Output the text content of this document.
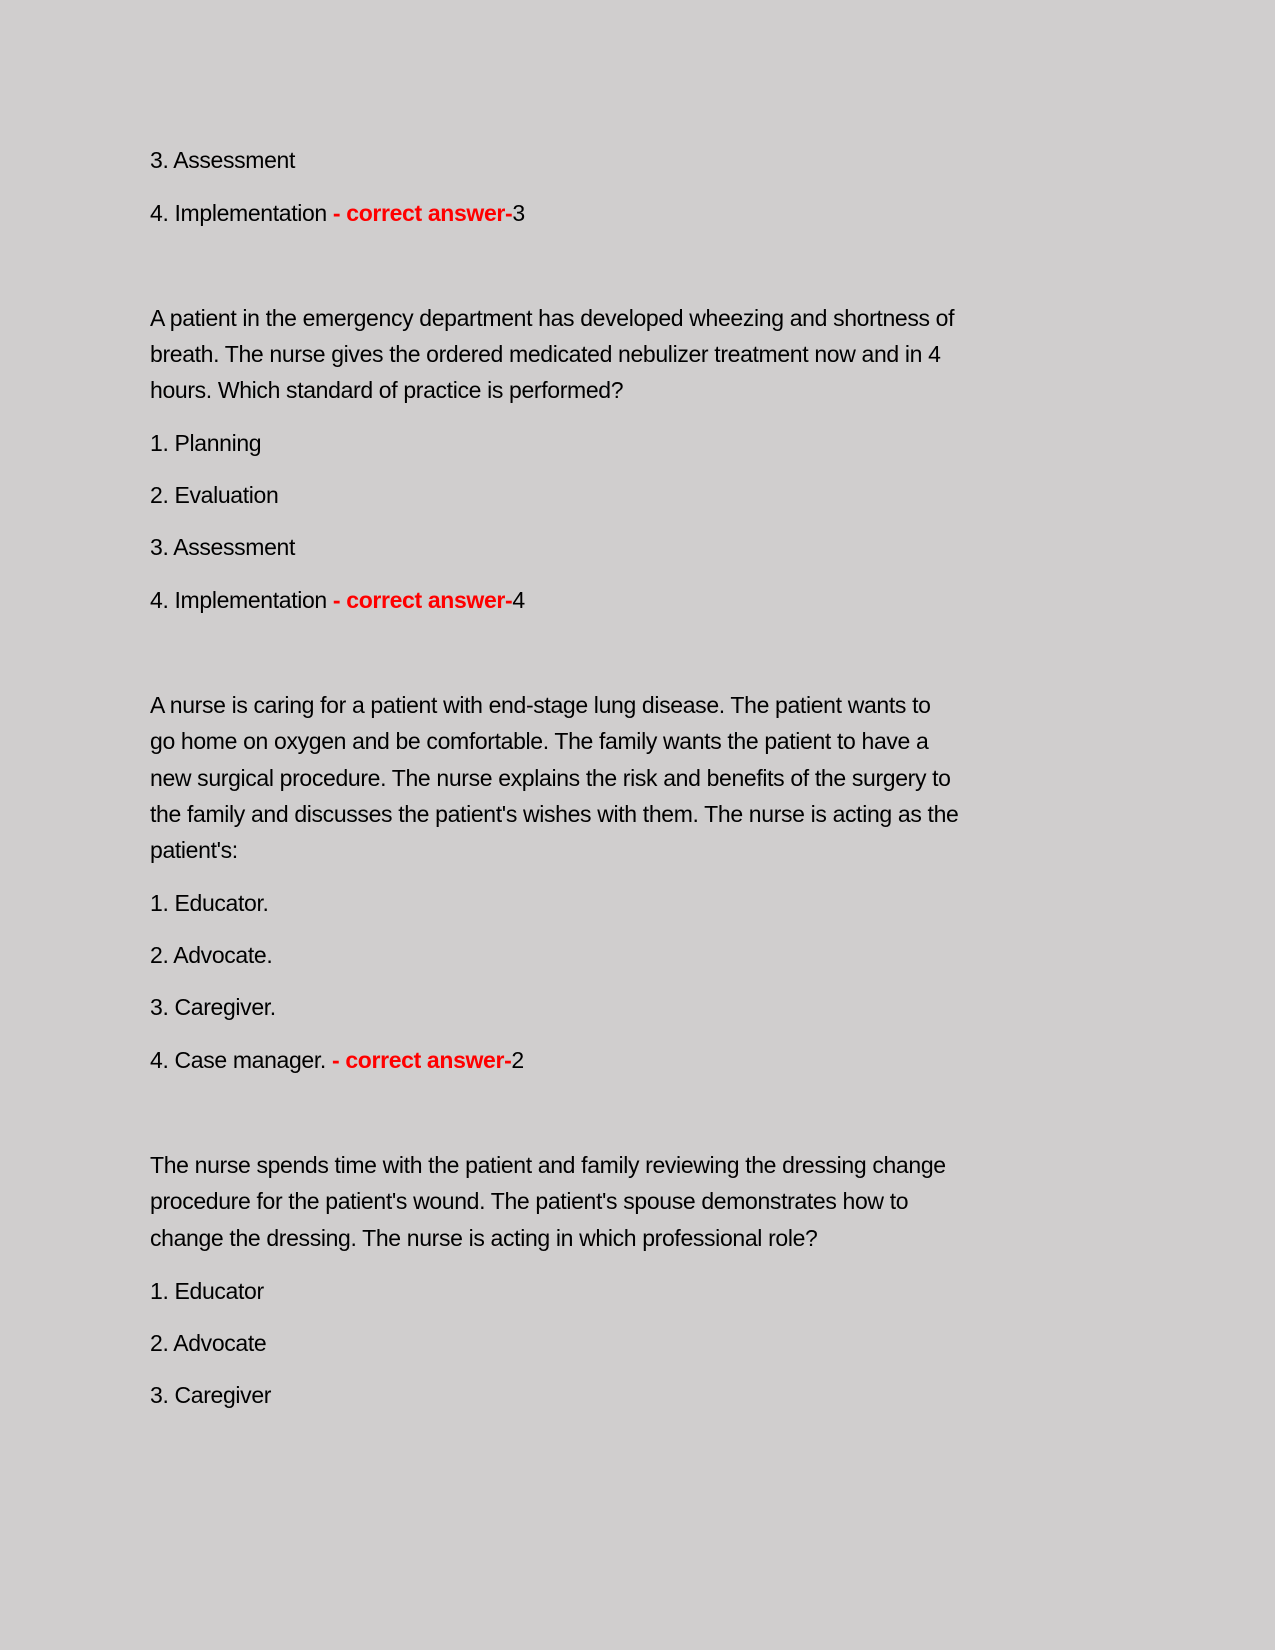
3. Assessment
4. Implementation - correct answer-3
A patient in the emergency department has developed wheezing and shortness of
breath. The nurse gives the ordered medicated nebulizer treatment now and in 4
hours. Which standard of practice is performed?
1. Planning
2. Evaluation
3. Assessment
4. Implementation - correct answer-4
A nurse is caring for a patient with end-stage lung disease. The patient wants to
go home on oxygen and be comfortable. The family wants the patient to have a
new surgical procedure. The nurse explains the risk and benefits of the surgery to
the family and discusses the patient's wishes with them. The nurse is acting as the
patient's:
1. Educator.
2. Advocate.
3. Caregiver.
4. Case manager. - correct answer-2
The nurse spends time with the patient and family reviewing the dressing change
procedure for the patient's wound. The patient's spouse demonstrates how to
change the dressing. The nurse is acting in which professional role?
1. Educator
2. Advocate
3. Caregiver
